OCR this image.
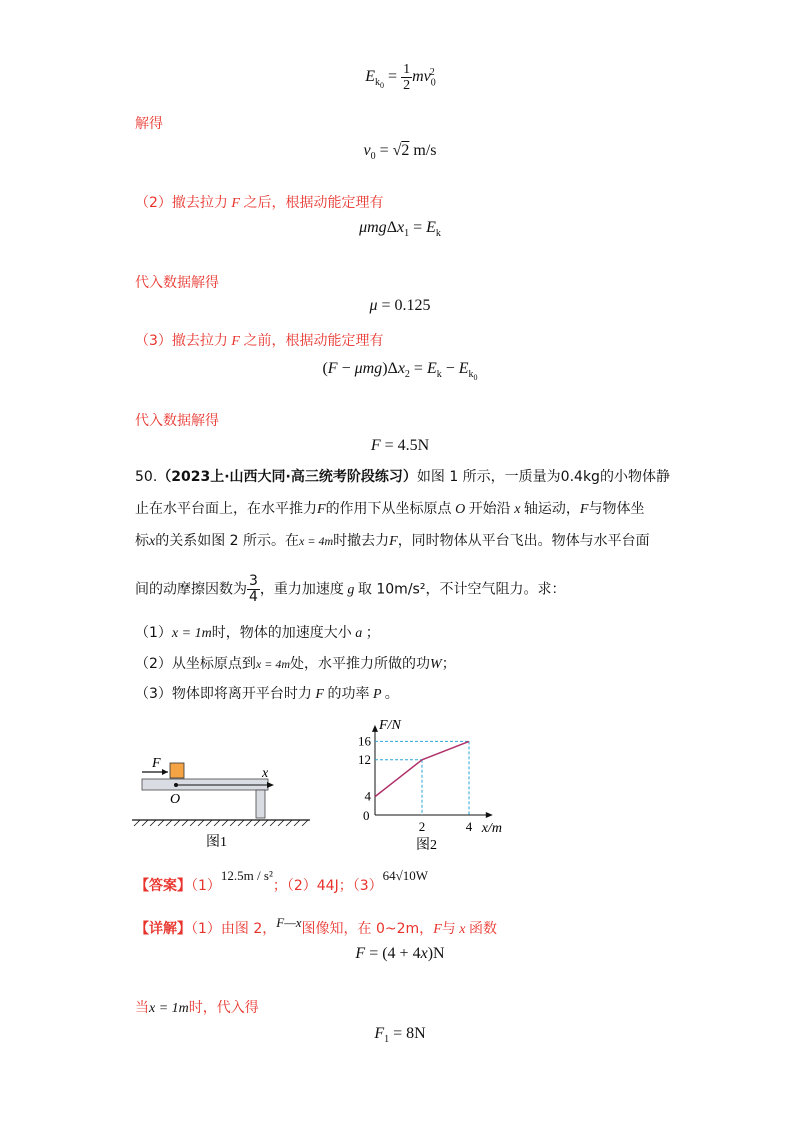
$E_{k_0} = \frac{1}{2} mv_0^2$
解得
$v_0 = √2$ m/s
（2）撤去拉力 F 之后，根据动能定理有
$\mu mg\Delta x_1 = E_k$
代入数据解得
μ = 0.125
（3）撤去拉力 F 之前，根据动能定理有
$(F - \mu mg)\Delta x_2 = E_k - E_{k_0}$
代入数据解得
F = 4.5N
50.（2023上·山西大同·高三统考阶段练习）如图 1 所示，一质量为0.4kg的小物体静
止在水平台面上，在水平推力F的作用下从坐标原点 O 开始沿 x 轴运动，F与物体坐
标x的关系如图 2 所示。在x = 4m时撤去力F，同时物体从平台飞出。物体与水平台面
间的动摩擦因数为 $\frac{3}{4}$ ，重力加速度 g 取 10m/s²，不计空气阻力。求：
（1）x = 1m时，物体的加速度大小 a ；
（2）从坐标原点到x = 4m处，水平推力所做的功W；
（3）物体即将离开平台时力 F 的功率 P 。
F
x
O
图1
F/N
x/m
0
图2
4
12
16
2	4
【答案】（1）12.5m / s²；（2）44J；（3）64√10W
【详解】（1）由图 2，F—x图像知，在 0~2m，F与 x 函数
F = (4 + 4x)N
当x = 1m时，代入得
$F_1 = 8N$
